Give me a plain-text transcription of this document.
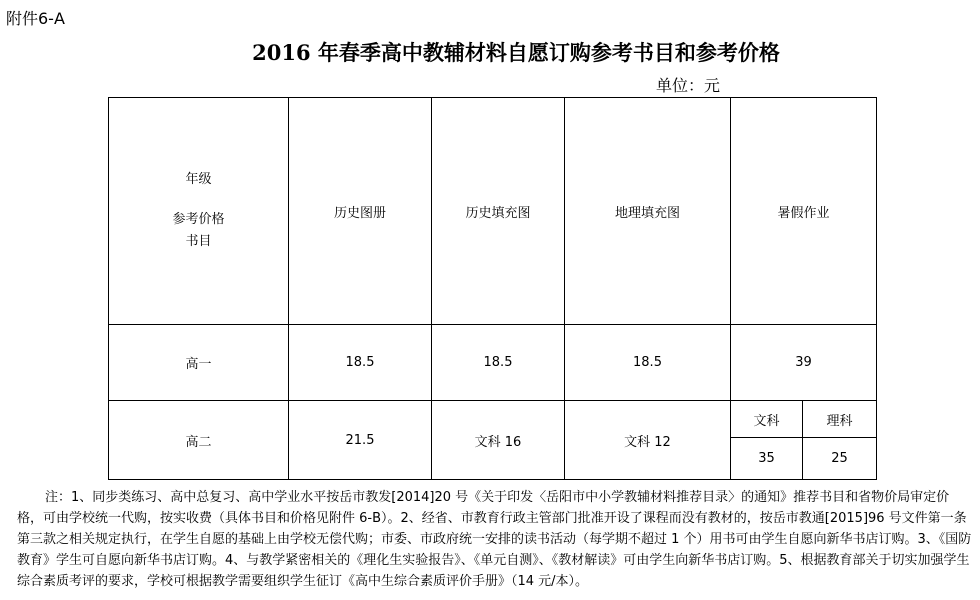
附件6-A
2016 年春季高中教辅材料自愿订购参考书目和参考价格
单位：元
年级
参考价格
书目	历史图册	历史填充图	地理填充图	暑假作业	
高一	18.5	18.5	18.5	39	
高二	21.5	文科 16	文科 12	文科	理科
				35	25
注：1、同步类练习、高中总复习、高中学业水平按岳市教发[2014]20 号《关于印发〈岳阳市中小学教辅材料推荐目录〉的通知》推荐书目和省物价局审定价格，可由学校统一代购，按实收费（具体书目和价格见附件 6-B）。2、经省、市教育行政主管部门批准开设了课程而没有教材的，按岳市教通[2015]96 号文件第一条第三款之相关规定执行，在学生自愿的基础上由学校无偿代购；市委、市政府统一安排的读书活动（每学期不超过 1 个）用书可由学生自愿向新华书店订购。3、《国防教育》学生可自愿向新华书店订购。4、与教学紧密相关的《理化生实验报告》、《单元自测》、《教材解读》可由学生向新华书店订购。5、根据教育部关于切实加强学生综合素质考评的要求，学校可根据教学需要组织学生征订《高中生综合素质评价手册》（14 元/本）。
